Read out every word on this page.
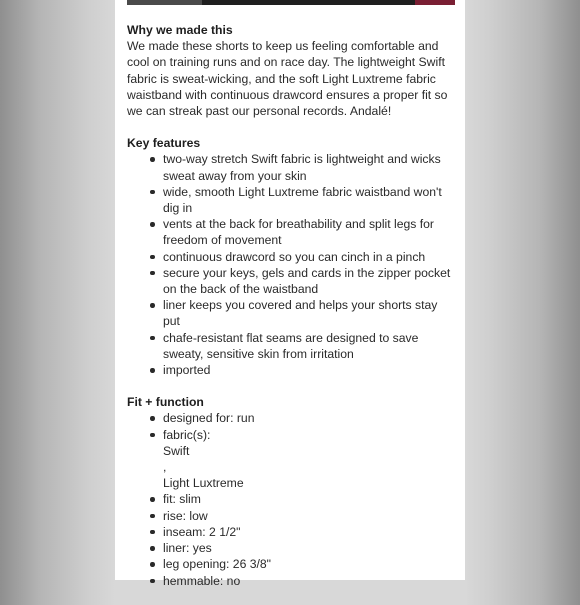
Why we made this

We made these shorts to keep us feeling comfortable and cool on training runs and on race day. The lightweight Swift fabric is sweat-wicking, and the soft Light Luxtreme fabric waistband with continuous drawcord ensures a proper fit so we can streak past our personal records. Andalé!

Key features
two-way stretch Swift fabric is lightweight and wicks sweat away from your skin
wide, smooth Light Luxtreme fabric waistband won't dig in
vents at the back for breathability and split legs for freedom of movement
continuous drawcord so you can cinch in a pinch
secure your keys, gels and cards in the zipper pocket on the back of the waistband
liner keeps you covered and helps your shorts stay put
chafe-resistant flat seams are designed to save sweaty, sensitive skin from irritation
imported
Fit + function
designed for: run
fabric(s):
Swift
,
Light Luxtreme
fit: slim
rise: low
inseam: 2 1/2"
liner: yes
leg opening: 26 3/8"
hemmable: no
